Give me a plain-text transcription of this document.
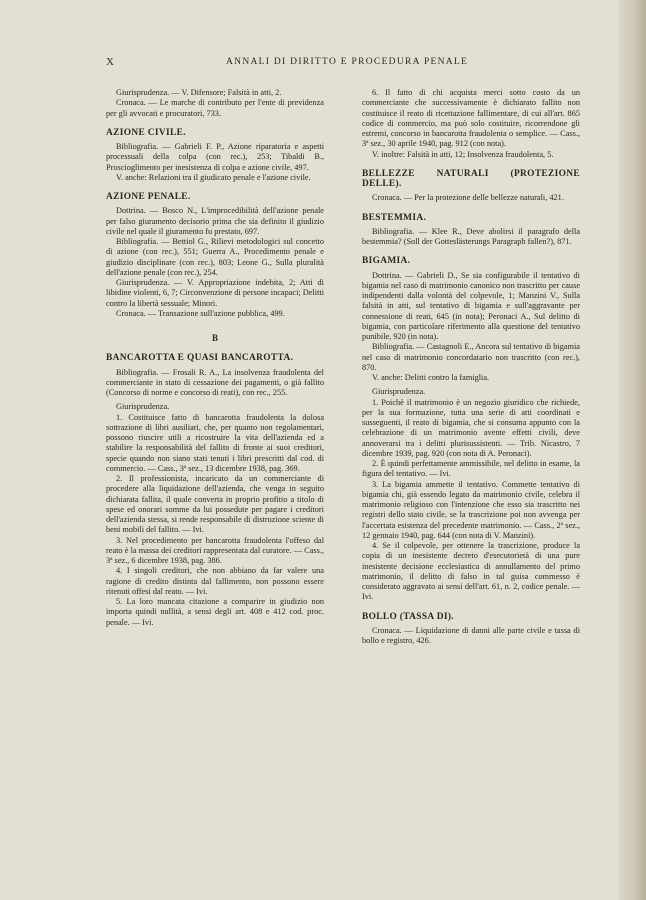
X	ANNALI DI DIRITTO E PROCEDURA PENALE

Giurisprudenza. — V. Difensore; Falsità in atti, 2.

Cronaca. — Le marche di contributo per l'ente di previdenza per gli avvocati e procuratori, 733.

AZIONE CIVILE.

Bibliografia. — Gabrieli F. P., Azione riparatoria e aspetti processuali della colpa (con rec.), 253; Tibaldi B., Proscioglimento per inesistenza di colpa e azione civile, 497.

V. anche: Relazioni tra il giudicato penale e l'azione civile.

AZIONE PENALE.

Dottrina. — Bosco N., L'improcedibilità dell'azione penale per falso giuramento decisorio prima che sia definito il giudizio civile nel quale il giuramento fu prestato, 697.

Bibliografia. — Bettiol G., Rilievi metodologici sul concetto di azione (con rec.), 551; Guerra A., Procedimento penale e giudizio disciplinare (con rec.), 803; Leone G., Sulla pluralità dell'azione penale (con rec.), 254.

Giurisprudenza. — V. Appropriazione indebita, 2; Atti di libidine violenti, 6, 7; Circonvenzione di persone incapaci; Delitti contro la libertà sessuale; Minori.

Cronaca. — Transazione sull'azione pubblica, 499.

B
BANCAROTTA E QUASI BANCAROTTA.

Bibliografia. — Frosali R. A., La insolvenza fraudolenta del commerciante in stato di cessazione dei pagamenti, o già fallito (Concorso di norme e concorso di reati), con rec., 255.

Giurisprudenza.

1. Costituisce fatto di bancarotta fraudolenta la dolosa sottrazione di libri ausiliari, che, per quanto non regolamentari, possono riuscire utili a ricostruire la vita dell'azienda ed a stabilire la responsabilità del fallito di fronte ai suoi creditori, specie quando non siano stati tenuti i libri prescritti dal cod. di commercio. — Cass., 3ª sez., 13 dicembre 1938, pag. 369.

2. Il professionista, incaricato da un commerciante di procedere alla liquidazione dell'azienda, che venga in seguito dichiarata fallita, il quale converta in proprio profitto a titolo di spese ed onorari somme da lui possedute per pagare i creditori dell'azienda stessa, si rende responsabile di distruzione sciente di beni mobili del fallito. — Ivi.

3. Nel procedimento per bancarotta fraudolenta l'offeso dal reato è la massa dei creditori rappresentata dal curatore. — Cass., 3ª sez., 6 dicembre 1938, pag. 386.

4. I singoli creditori, che non abbiano da far valere una ragione di credito distinta dal fallimento, non possono essere ritenuti offesi dal reato. — Ivi.

5. La loro mancata citazione a comparire in giudizio non importa quindi nullità, a sensi degli art. 408 e 412 cod. proc. penale. — Ivi.

6. Il fatto di chi acquista merci sotto costo da un commerciante che successivamente è dichiarato fallito non costituisce il reato di ricettazione fallimentare, di cui all'art. 865 codice di commercio, ma può solo costituire, ricorrendone gli estremi, concorso in bancarotta fraudolenta o semplice. — Cass., 3ª sez., 30 aprile 1940, pag. 912 (con nota).

V. inoltre: Falsità in atti, 12; Insolvenza fraudolenta, 5.

BELLEZZE NATURALI (PROTEZIONE DELLE).

Cronaca. — Per la protezione delle bellezze naturali, 421.

BESTEMMIA.

Bibliografia. — Klee R., Deve abolirsi il paragrafo della bestemmia? (Soll der Gotteslästerungs Paragraph fallen?), 871.

BIGAMIA.

Dottrina. — Gabrieli D., Se sia configurabile il tentativo di bigamia nel caso di matrimonio canonico non trascritto per cause indipendenti dalla volontà del colpevole, 1; Manzini V., Sulla falsità in atti, sul tentativo di bigamia e sull'aggravante per connessione di reati, 645 (in nota); Peronaci A., Sul delitto di bigamia, con particolare riferimento alla questione del tentativo punibile, 920 (in nota).

Bibliografia. — Castagnoli E., Ancora sul tentativo di bigamia nel caso di matrimonio concordatario non trascritto (con rec.), 870.

V. anche: Delitti contro la famiglia.

Giurisprudenza.

1. Poichè il matrimonio è un negozio giuridico che richiede, per la sua formazione, tutta una serie di atti coordinati e susseguenti, il reato di bigamia, che si consuma appunto con la celebrazione di un matrimonio avente effetti civili, deve annoverarsi tra i delitti plurisussistenti. — Trib. Nicastro, 7 dicembre 1939, pag. 920 (con nota di A. Peronaci).

2. È quindi perfettamente ammissibile, nel delitto in esame, la figura del tentativo. — Ivi.

3. La bigamia ammette il tentativo. Commette tentativo di bigamia chi, già essendo legato da matrimonio civile, celebra il matrimonio religioso con l'intenzione che esso sia trascritto nei registri dello stato civile, se la trascrizione poi non avvenga per l'accertata esistenza del precedente matrimonio. — Cass., 2ª sez., 12 gennaio 1940, pag. 644 (con nota di V. Manzini).

4. Se il colpevole, per ottenere la trascrizione, produce la copia di un inesistente decreto d'esecutorietà di una pure inesistente decisione ecclesiastica di annullamento del primo matrimonio, il delitto di falso in tal guisa commesso è considerato aggravato ai sensi dell'art. 61, n. 2, codice penale. — Ivi.

BOLLO (TASSA DI).

Cronaca. — Liquidazione di danni alle parte civile e tassa di bollo e registro, 426.
